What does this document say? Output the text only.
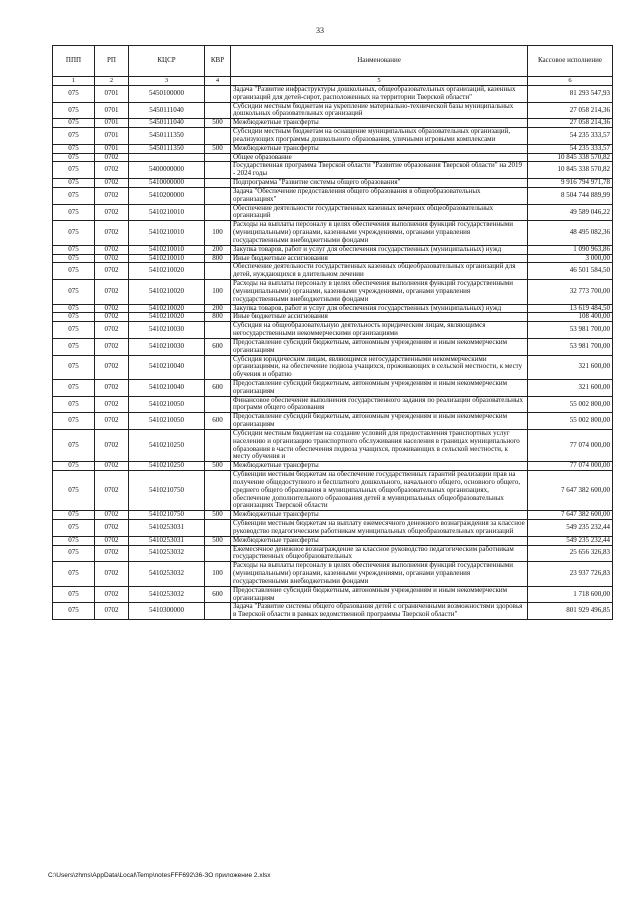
33
ППП	РП	КЦСР	КВР	Наименование	Кассовое исполнение
1	2	3	4	5	6
075	0701	5450100000		Задача "Развитие инфраструктуры дошкольных, общеобразовательных организаций, казенных организаций для детей-сирот, расположенных на территории Тверской области"	81 293 547,93
075	0701	5450111040		Субсидии местным бюджетам на укрепление материально-технической базы муниципальных дошкольных образовательных организаций	27 058 214,36
075	0701	5450111040	500	Межбюджетные трансферты	27 058 214,36
075	0701	5450111350		Субсидии местным бюджетам на оснащение муниципальных образовательных организаций, реализующих программы дошкольного образования, уличными игровыми комплексами	54 235 333,57
075	0701	5450111350	500	Межбюджетные трансферты	54 235 333,57
075	0702			Общее образование	10 845 338 570,82
075	0702	5400000000		Государственная программа Тверской области "Развитие образования Тверской области" на 2019 - 2024 годы	10 845 338 570,82
075	0702	5410000000		Подпрограмма "Развитие системы общего образования"	9 916 794 971,78
075	0702	5410200000		Задача "Обеспечение предоставления общего образования в общеобразовательных организациях"	8 504 744 889,99
075	0702	5410210010		Обеспечение деятельности государственных казенных вечерних общеобразовательных организаций	49 589 046,22
075	0702	5410210010	100	Расходы на выплаты персоналу в целях обеспечения выполнения функций государственными (муниципальными) органами, казенными учреждениями, органами управления государственными внебюджетными фондами	48 495 082,36
075	0702	5410210010	200	Закупка товаров, работ и услуг для обеспечения государственных (муниципальных) нужд	1 090 963,86
075	0702	5410210010	800	Иные бюджетные ассигнования	3 000,00
075	0702	5410210020		Обеспечение деятельности государственных казенных общеобразовательных организаций для детей, нуждающихся в длительном лечении	46 501 584,50
075	0702	5410210020	100	Расходы на выплаты персоналу в целях обеспечения выполнения функций государственными (муниципальными) органами, казенными учреждениями, органами управления государственными внебюджетными фондами	32 773 700,00
075	0702	5410210020	200	Закупка товаров, работ и услуг для обеспечения государственных (муниципальных) нужд	13 619 484,50
075	0702	5410210020	800	Иные бюджетные ассигнования	108 400,00
075	0702	5410210030		Субсидия на общеобразовательную деятельность юридическим лицам, являющимся негосударственными некоммерческими организациями	53 981 700,00
075	0702	5410210030	600	Предоставление субсидий бюджетным, автономным учреждениям и иным некоммерческим организациям	53 981 700,00
075	0702	5410210040		Субсидия юридическим лицам, являющимся негосударственными некоммерческими организациями, на обеспечение подвоза учащихся, проживающих в сельской местности, к месту обучения и обратно	321 600,00
075	0702	5410210040	600	Предоставление субсидий бюджетным, автономным учреждениям и иным некоммерческим организациям	321 600,00
075	0702	5410210050		Финансовое обеспечение выполнения государственного задания по реализации образовательных программ общего образования	55 002 800,00
075	0702	5410210050	600	Предоставление субсидий бюджетным, автономным учреждениям и иным некоммерческим организациям	55 002 800,00
075	0702	5410210250		Субсидии местным бюджетам на создание условий для предоставления транспортных услуг населению и организацию транспортного обслуживания населения в границах муниципального образования в части обеспечения подвоза учащихся, проживающих в сельской местности, к месту обучения и	77 074 000,00
075	0702	5410210250	500	Межбюджетные трансферты	77 074 000,00
075	0702	5410210750		Субвенции местным бюджетам на обеспечение государственных гарантий реализации прав на получение общедоступного и бесплатного дошкольного, начального общего, основного общего, среднего общего образования в муниципальных общеобразовательных организациях, обеспечение дополнительного образования детей в муниципальных общеобразовательных организациях Тверской области	7 647 382 600,00
075	0702	5410210750	500	Межбюджетные трансферты	7 647 382 600,00
075	0702	5410253031		Субвенции местным бюджетам на выплату ежемесячного денежного вознаграждения за классное руководство педагогическим работникам муниципальных общеобразовательных организаций	549 235 232,44
075	0702	5410253031	500	Межбюджетные трансферты	549 235 232,44
075	0702	5410253032		Ежемесячное денежное вознаграждение за классное руководство педагогическим работникам государственных общеобразовательных	25 656 326,83
075	0702	5410253032	100	Расходы на выплаты персоналу в целях обеспечения выполнения функций государственными (муниципальными) органами, казенными учреждениями, органами управления государственными внебюджетными фондами	23 937 726,83
075	0702	5410253032	600	Предоставление субсидий бюджетным, автономным учреждениям и иным некоммерческим организациям	1 718 600,00
075	0702	5410300000		Задача "Развитие системы общего образования детей с ограниченными возможностями здоровья в Тверской области в рамках ведомственной программы Тверской области"	801 929 496,85
C:\Users\zhms\AppData\Local\Temp\notesFFF692\36-ЗО приложение 2.xlsx
